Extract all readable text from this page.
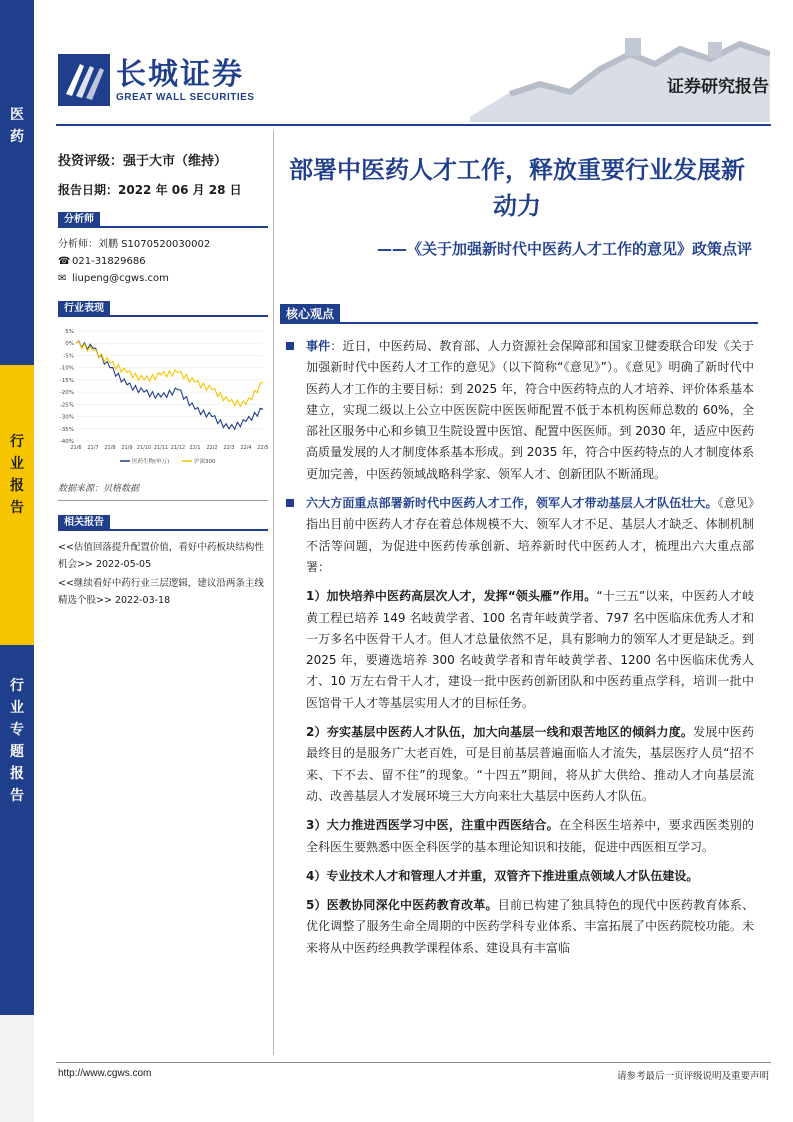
医药
行业报告
行业专题报告
长城证券
GREAT WALL SECURITIES	证券研究报告
投资评级：强于大市（维持）
报告日期：2022 年 06 月 28 日
分析师
分析师：刘鹏 S1070520030002
☎ 021-31829686
✉ liupeng@cgws.com
行业表现
5%
0%
-5%
-10%
-15%
-20%
-25%
-30%
-35%
-40%
21/6 21/7 21/8 21/9 21/10 21/11 21/12 22/1 22/2 22/3 22/4 22/5
医药生物(申万)	沪深300
数据来源：贝格数据
相关报告
<<估值回落提升配置价值，看好中药板块结构性机会>> 2022-05-05
<<继续看好中药行业三层逻辑，建议沿两条主线精选个股>> 2022-03-18
部署中医药人才工作，释放重要行业发展新动力
——《关于加强新时代中医药人才工作的意见》政策点评
核心观点
事件：近日，中医药局、教育部、人力资源社会保障部和国家卫健委联合印发《关于加强新时代中医药人才工作的意见》（以下简称“《意见》”）。《意见》明确了新时代中医药人才工作的主要目标：到 2025 年，符合中医药特点的人才培养、评价体系基本建立，实现二级以上公立中医医院中医医师配置不低于本机构医师总数的 60%，全部社区服务中心和乡镇卫生院设置中医馆、配置中医医师。到 2030 年，适应中医药高质量发展的人才制度体系基本形成。到 2035 年，符合中医药特点的人才制度体系更加完善，中医药领域战略科学家、领军人才、创新团队不断涌现。
六大方面重点部署新时代中医药人才工作，领军人才带动基层人才队伍壮大。《意见》指出目前中医药人才存在着总体规模不大、领军人才不足、基层人才缺乏、体制机制不活等问题，为促进中医药传承创新、培养新时代中医药人才，梳理出六大重点部署：
1）加快培养中医药高层次人才，发挥“领头雁”作用。“十三五”以来，中医药人才岐黄工程已培养 149 名岐黄学者、100 名青年岐黄学者、797 名中医临床优秀人才和一万多名中医骨干人才。但人才总量依然不足，具有影响力的领军人才更是缺乏。到 2025 年，要遴选培养 300 名岐黄学者和青年岐黄学者、1200 名中医临床优秀人才、10 万左右骨干人才，建设一批中医药创新团队和中医药重点学科，培训一批中医馆骨干人才等基层实用人才的目标任务。
2）夯实基层中医药人才队伍，加大向基层一线和艰苦地区的倾斜力度。发展中医药最终目的是服务广大老百姓，可是目前基层普遍面临人才流失，基层医疗人员“招不来、下不去、留不住”的现象。“十四五”期间，将从扩大供给、推动人才向基层流动、改善基层人才发展环境三大方向来壮大基层中医药人才队伍。
3）大力推进西医学习中医，注重中西医结合。在全科医生培养中，要求西医类别的全科医生要熟悉中医全科医学的基本理论知识和技能，促进中西医相互学习。
4）专业技术人才和管理人才并重，双管齐下推进重点领域人才队伍建设。
5）医教协同深化中医药教育改革。目前已构建了独具特色的现代中医药教育体系、优化调整了服务生命全周期的中医药学科专业体系、丰富拓展了中医药院校功能。未来将从中医药经典教学课程体系、建设具有丰富临
http://www.cgws.com	请参考最后一页评级说明及重要声明
